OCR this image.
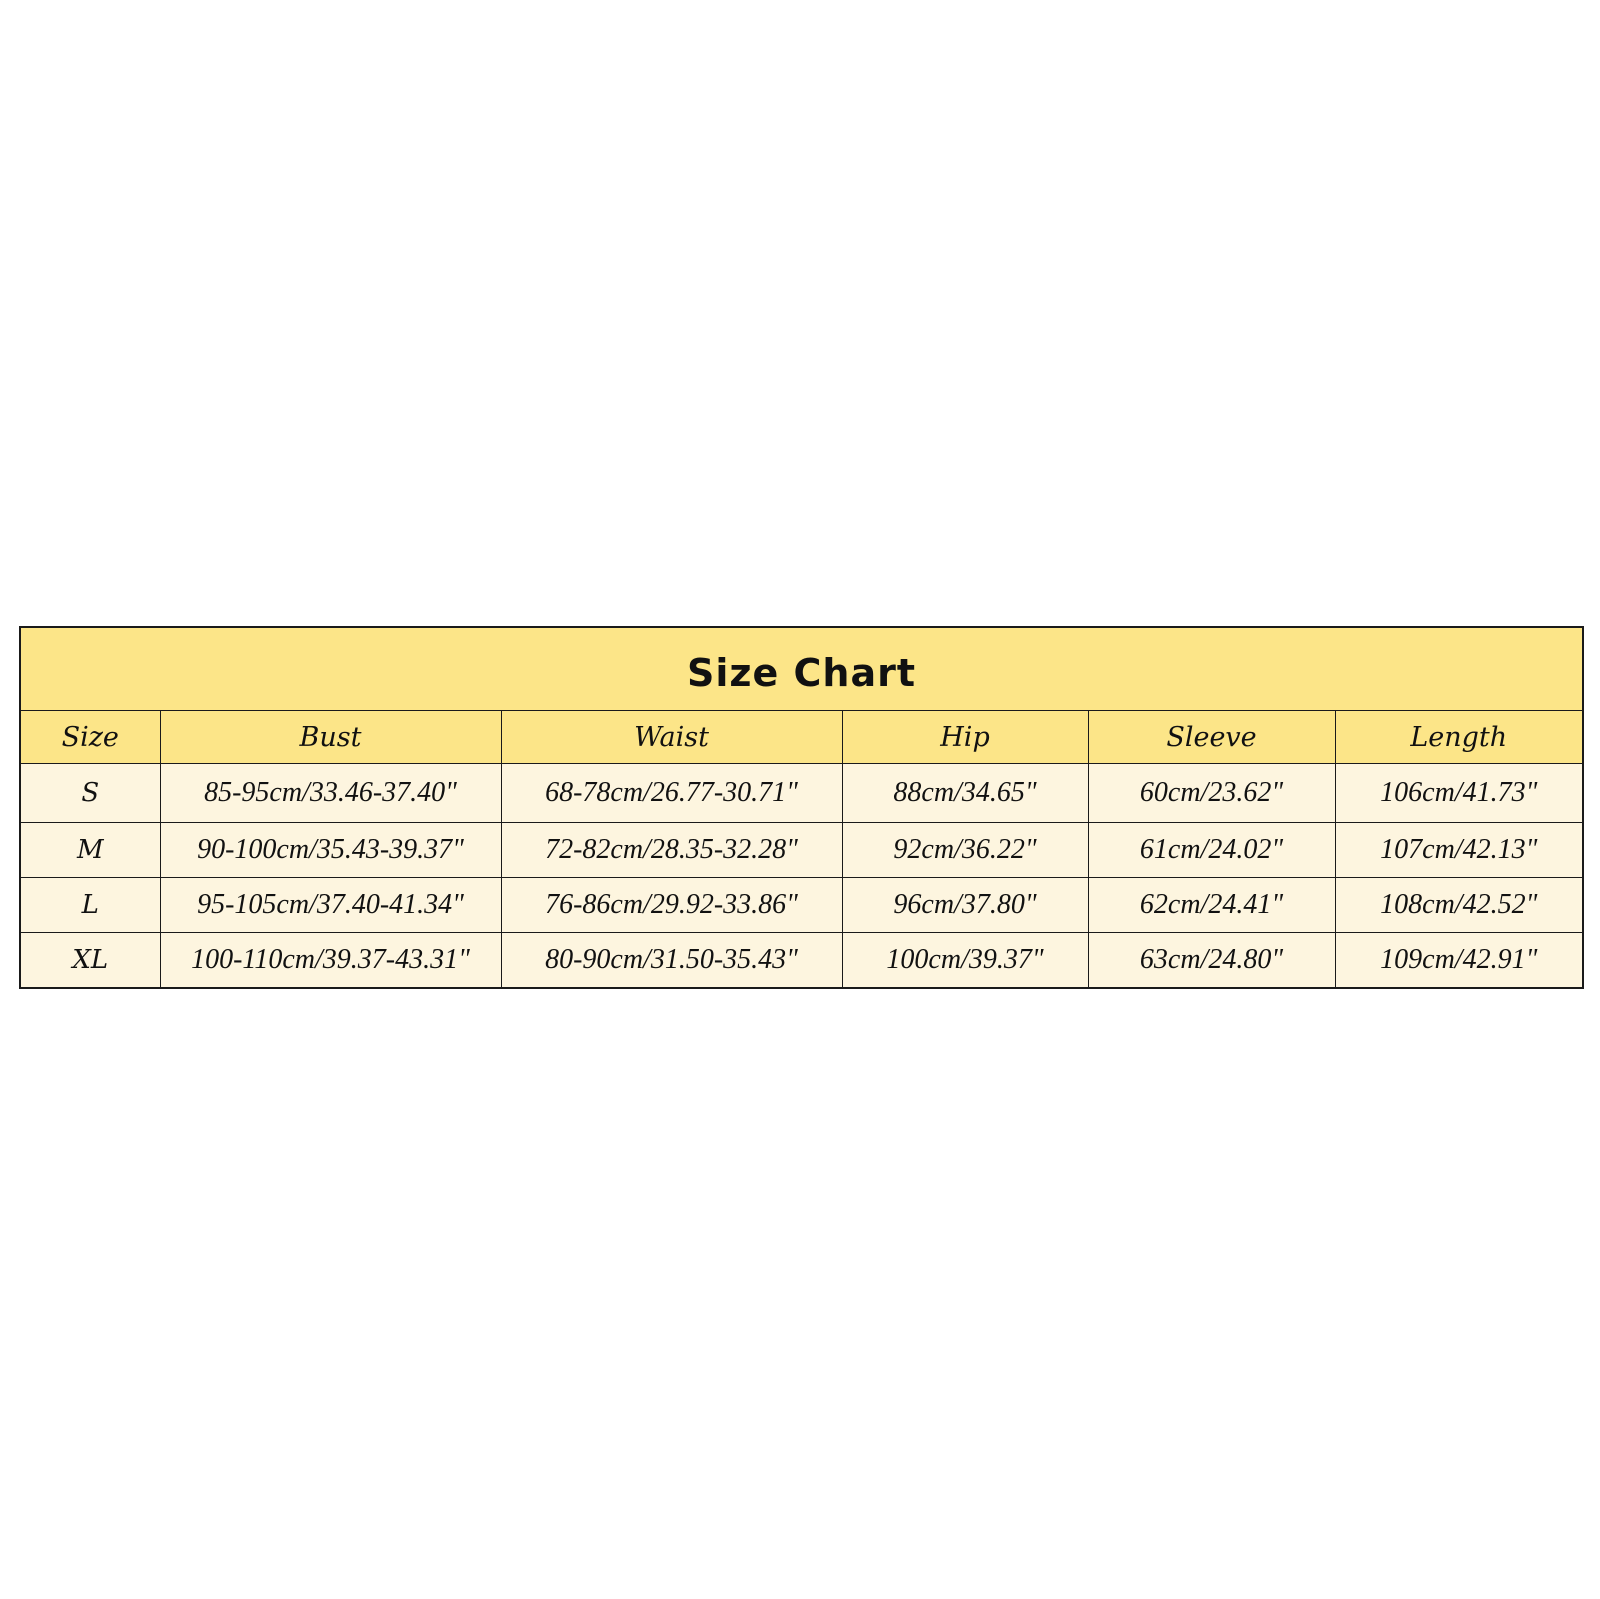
Size Chart					
Size	Bust	Waist	Hip	Sleeve	Length
S	85-95cm/33.46-37.40"	68-78cm/26.77-30.71"	88cm/34.65"	60cm/23.62"	106cm/41.73"
M	90-100cm/35.43-39.37"	72-82cm/28.35-32.28"	92cm/36.22"	61cm/24.02"	107cm/42.13"
L	95-105cm/37.40-41.34"	76-86cm/29.92-33.86"	96cm/37.80"	62cm/24.41"	108cm/42.52"
XL	100-110cm/39.37-43.31"	80-90cm/31.50-35.43"	100cm/39.37"	63cm/24.80"	109cm/42.91"
